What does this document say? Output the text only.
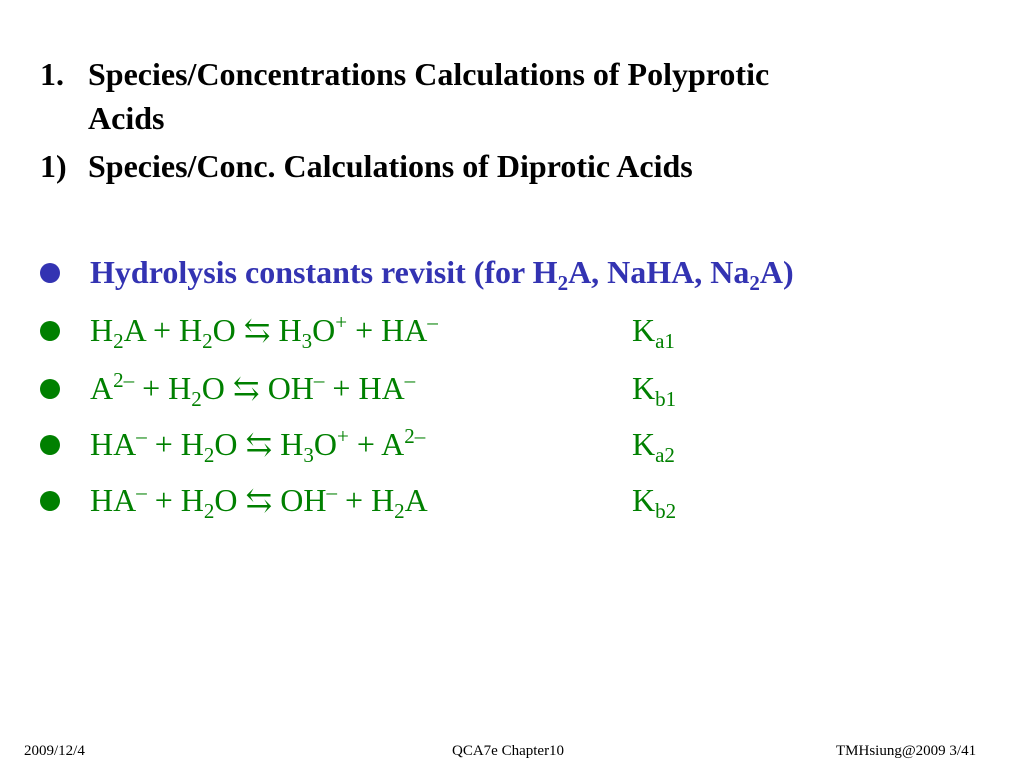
1. Species/Concentrations Calculations of Polyprotic
Acids
1) Species/Conc. Calculations of Diprotic Acids
Hydrolysis constants revisit (for $H_2A$, NaHA, $Na_2A$)
$H_2A + H_2O$ ⇆ $H_3O^+ + HA^-$	$K_{a1}$
$A^{2-} + H_2O$ ⇆ OH– + HA–	$K_{b1}$
$HA^- + H_2O$ ⇆ $H_3O^+ + A^{2-}$	$K_{a2}$
$HA^- + H_2O$ ⇆ $OH^- + H_2A$	$K_{b2}$
2009/12/4	QCA7e Chapter10	TMHsiung@2009 3/41
